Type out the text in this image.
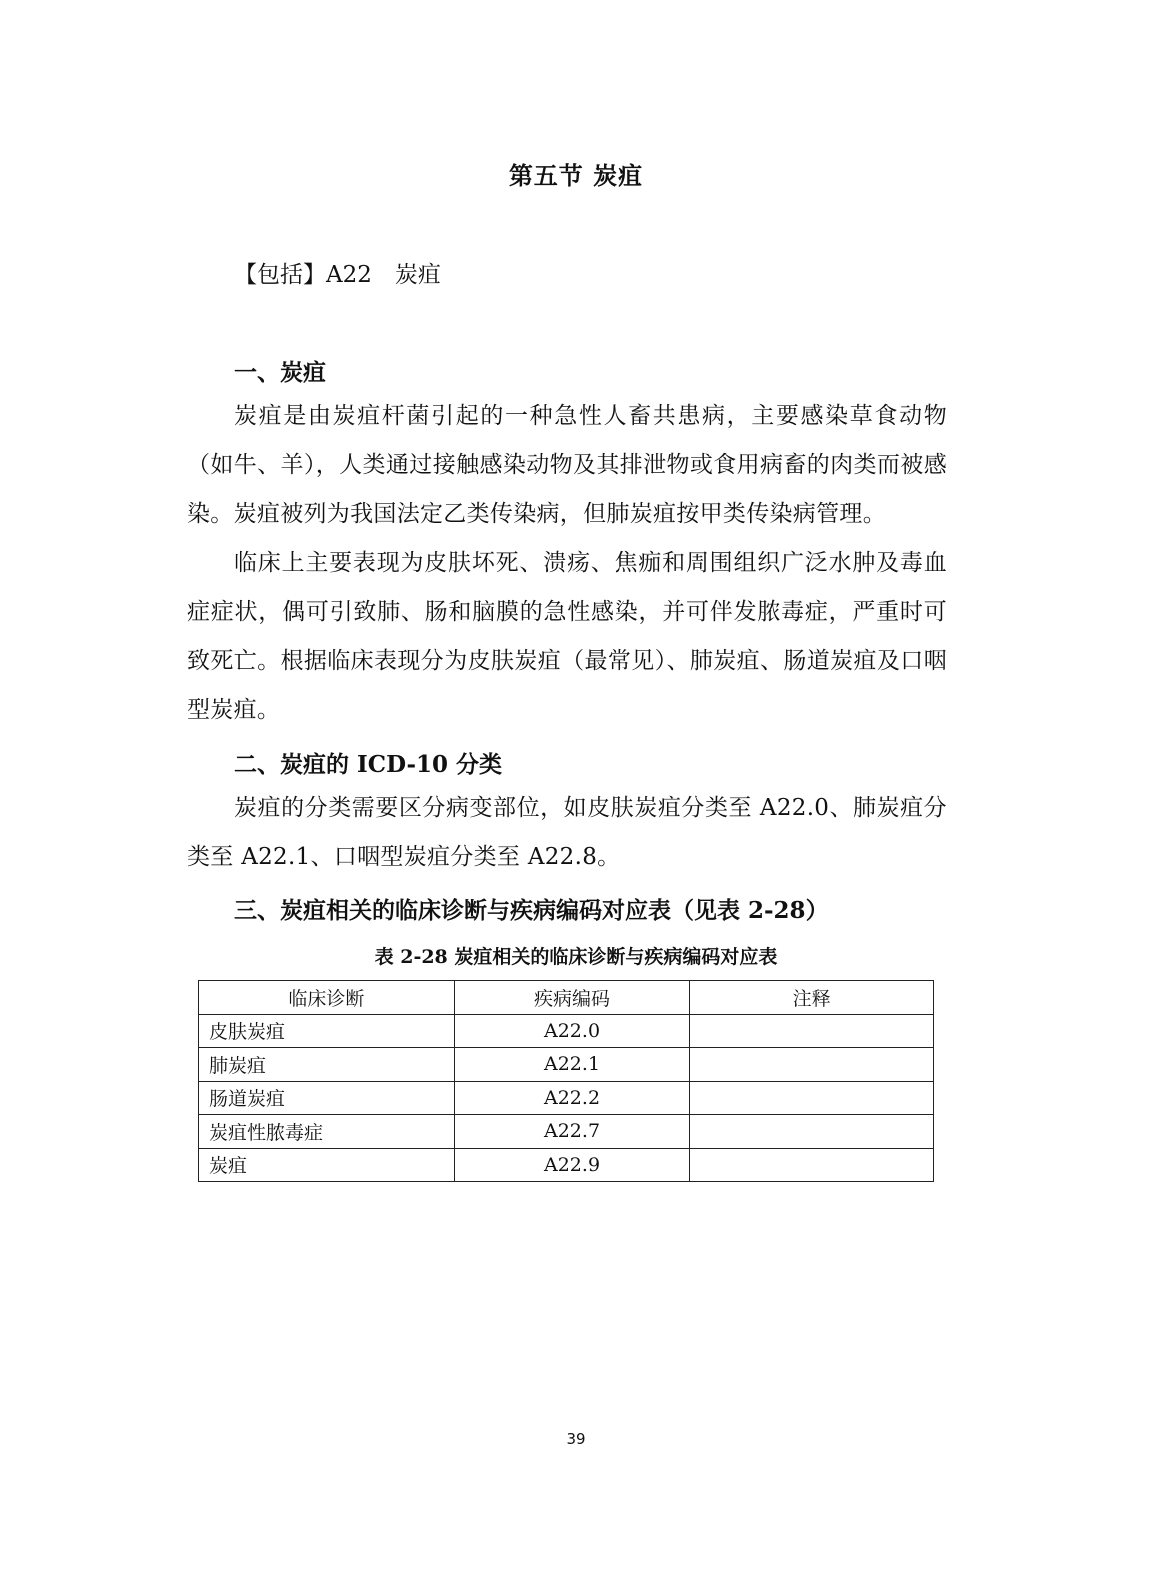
第五节 炭疽
【包括】A22　炭疽
一、炭疽
炭疽是由炭疽杆菌引起的一种急性人畜共患病，主要感染草食动物（如牛、羊），人类通过接触感染动物及其排泄物或食用病畜的肉类而被感染。炭疽被列为我国法定乙类传染病，但肺炭疽按甲类传染病管理。
临床上主要表现为皮肤坏死、溃疡、焦痂和周围组织广泛水肿及毒血症症状，偶可引致肺、肠和脑膜的急性感染，并可伴发脓毒症，严重时可致死亡。根据临床表现分为皮肤炭疽（最常见）、肺炭疽、肠道炭疽及口咽型炭疽。
二、炭疽的 ICD-10 分类
炭疽的分类需要区分病变部位，如皮肤炭疽分类至 A22.0、肺炭疽分类至 A22.1、口咽型炭疽分类至 A22.8。
三、炭疽相关的临床诊断与疾病编码对应表（见表 2-28）
表 2-28 炭疽相关的临床诊断与疾病编码对应表
临床诊断	疾病编码	注释
皮肤炭疽	A22.0	
肺炭疽	A22.1	
肠道炭疽	A22.2	
炭疽性脓毒症	A22.7	
炭疽	A22.9	
39
